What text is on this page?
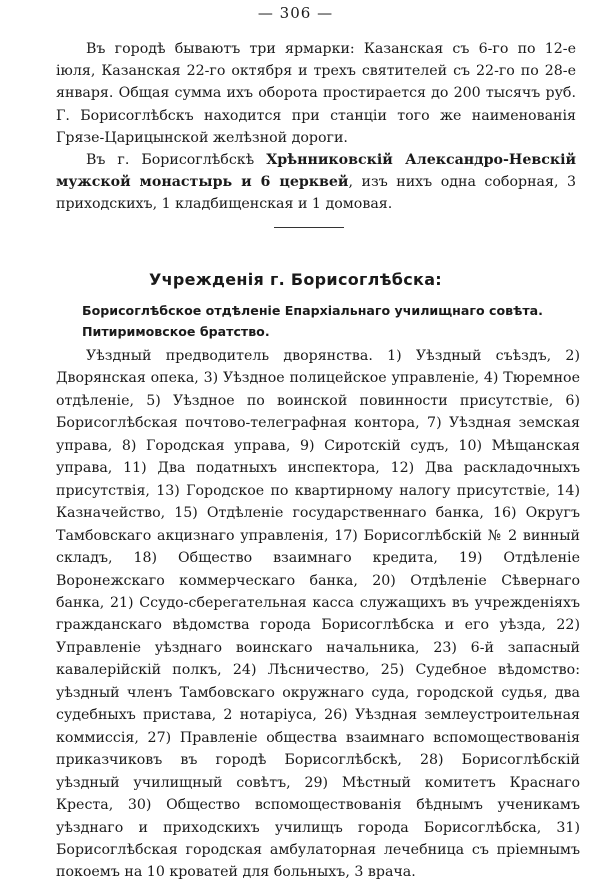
— 306 —

Въ городѣ бываютъ три ярмарки: Казанская съ 6-го по 12-e іюля, Казанская 22-го октября и трехъ святителей съ 22-го по 28-е января. Общая сумма ихъ оборота простирается до 200 тысячъ руб. Г. Борисоглѣбскъ находится при станціи того же наименованія Грязе-Царицынской желѣзной дороги.

Въ г. Борисоглѣбскѣ Хрѣнниковскій Александро-Невскій мужской монастырь и 6 церквей, изъ нихъ одна соборная, 3 приходскихъ, 1 кладбищенская и 1 домовая.

Учрежденія г. Борисоглѣбска:

Борисоглѣбское отдѣленіе Епархіальнаго училищнаго совѣта. Питиримовское братство.

Уѣздный предводитель дворянства. 1) Уѣздный съѣздъ, 2) Дворянская опека, 3) Уѣздное полицейское управленіе, 4) Тюремное отдѣленіе, 5) Уѣздное по воинской повинности присутствіе, 6) Борисоглѣбская почтово-телеграфная контора, 7) Уѣздная земская управа, 8) Городская управа, 9) Сиротскій судъ, 10) Мѣщанская управа, 11) Два податныхъ инспектора, 12) Два раскладочныхъ присутствія, 13) Городское по квартирному налогу присутствіе, 14) Казначейство, 15) Отдѣленіе государственнаго банка, 16) Округъ Тамбовскаго акцизнаго управленія, 17) Борисоглѣбскій № 2 винный складъ, 18) Общество взаимнаго кредита, 19) Отдѣленіе Воронежскаго коммерческаго банка, 20) Отдѣленіе Сѣвернаго банка, 21) Ссудо-сберегательная касса служащихъ въ учрежденіяхъ гражданскаго вѣдомства города Борисоглѣбска и его уѣзда, 22) Управленіе уѣзднаго воинскаго начальника, 23) 6-й запасный кавалерійскій полкъ, 24) Лѣсничество, 25) Судебное вѣдомство: уѣздный членъ Тамбовскаго окружнаго суда, городской судья, два судебныхъ пристава, 2 нотаріуса, 26) Уѣздная землеустроительная коммиссія, 27) Правленіе общества взаимнаго вспомоществованія приказчиковъ въ городѣ Борисоглѣбскѣ, 28) Борисоглѣбскій уѣздный училищный совѣтъ, 29) Мѣстный комитетъ Краснаго Креста, 30) Общество вспомоществованія бѣднымъ ученикамъ уѣзднаго и приходскихъ училищъ города Борисоглѣбска, 31) Борисоглѣбская городская амбулаторная лечебница съ пріемнымъ покоемъ на 10 кроватей для больныхъ, 3 врача.
